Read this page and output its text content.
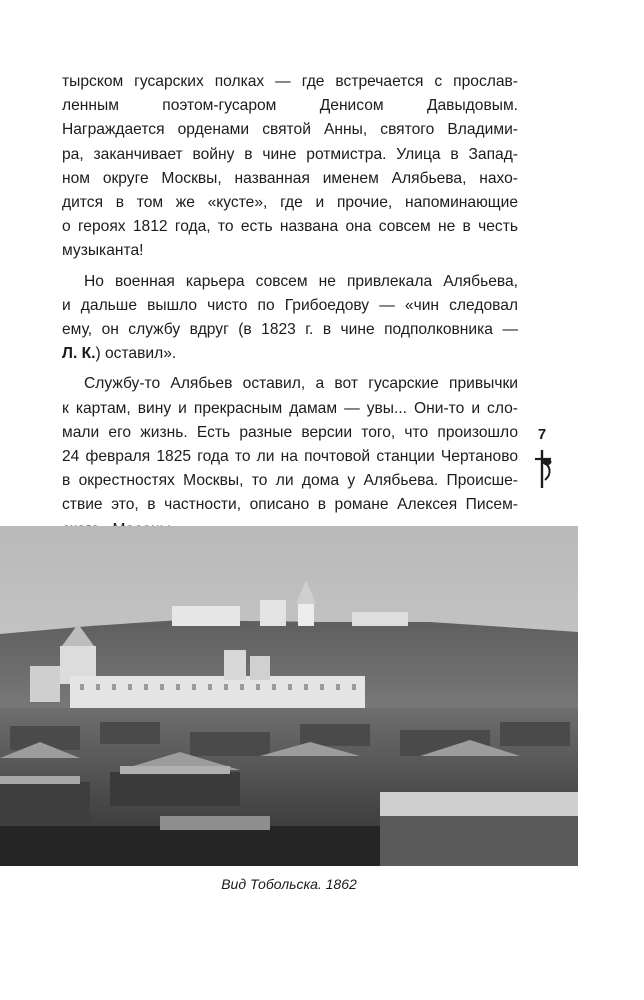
тырском гусарских полках — где встречается с прослав-
ленным поэтом-гусаром Денисом Давыдовым.
Награждается орденами святой Анны, святого Владими-
ра, заканчивает войну в чине ротмистра. Улица в Запад-
ном округе Москвы, названная именем Алябьева, нахо-
дится в том же «кусте», где и прочие, напоминающие
о героях 1812 года, то есть названа она совсем не в честь
музыканта!

Но военная карьера совсем не привлекала Алябьева,
и дальше вышло чисто по Грибоедову — «чин следовал
ему, он службу вдруг (в 1823 г. в чине подполковника —
Л. К.) оставил».

Службу-то Алябьев оставил, а вот гусарские привычки
к картам, вину и прекрасным дамам — увы... Они-то и сло-
мали его жизнь. Есть разные версии того, что произошло
24 февраля 1825 года то ли на почтовой станции Чертаново
в окрестностях Москвы, то ли дома у Алябьева. Происше-
ствие это, в частности, описано в романе Алексея Писем-

7
Вид Тобольска. 1862
